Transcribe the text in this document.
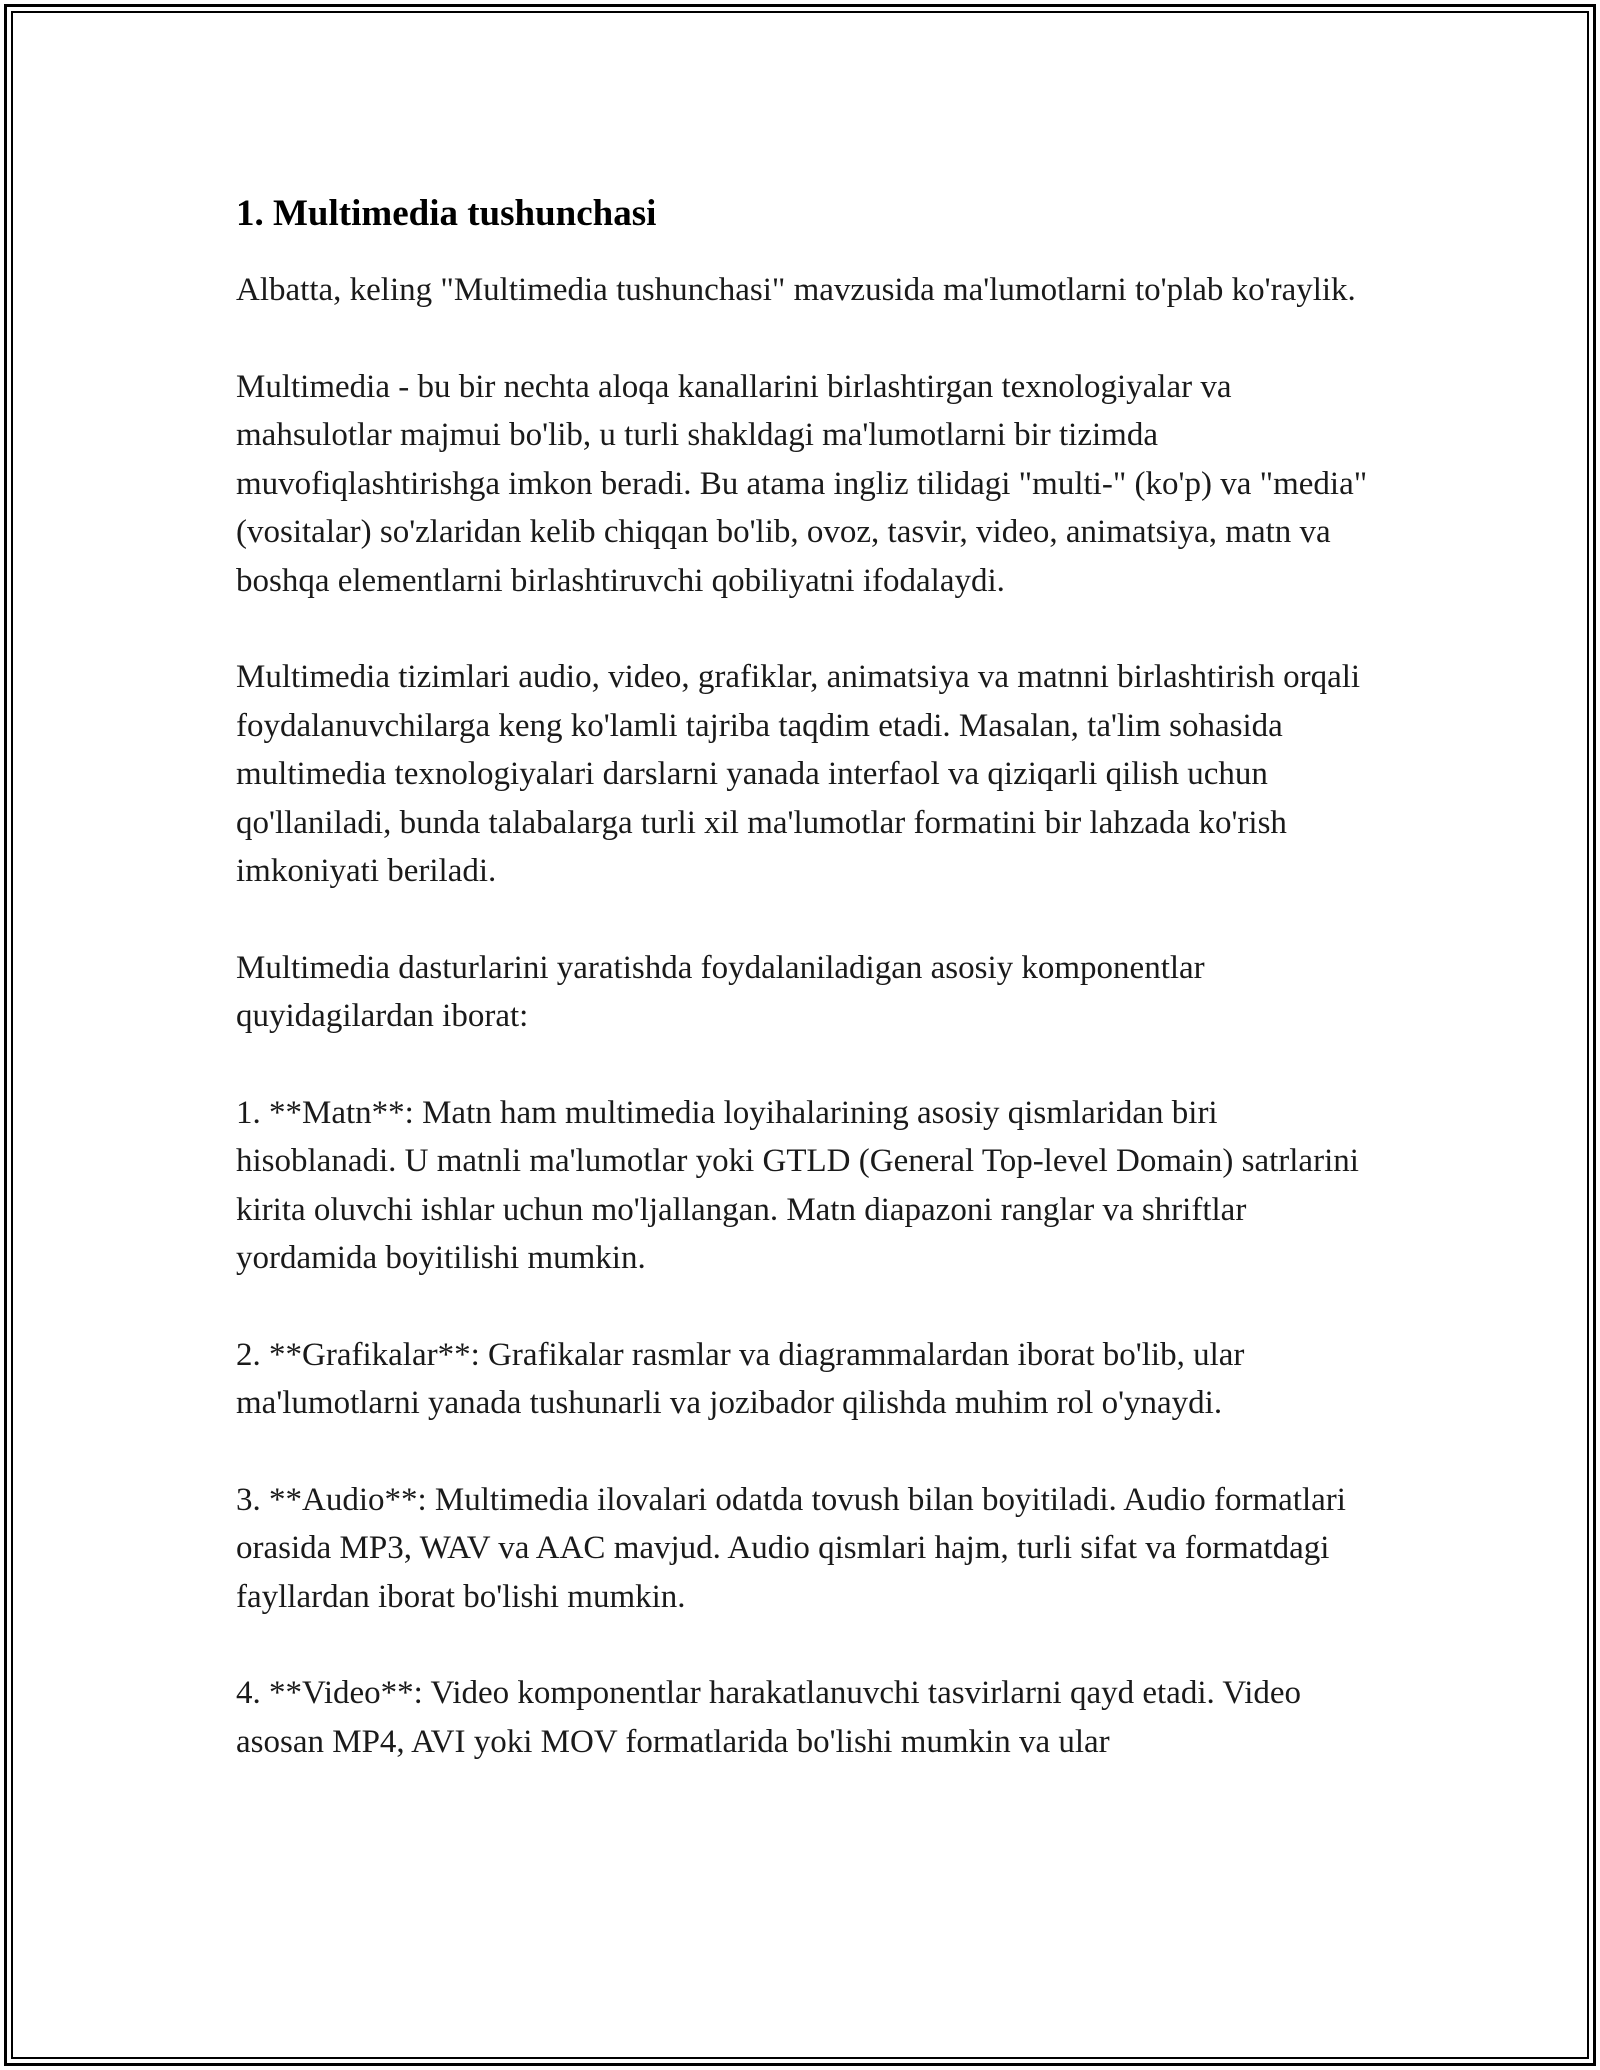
1. Multimedia tushunchasi

Albatta, keling "Multimedia tushunchasi" mavzusida ma'lumotlarni to'plab ko'raylik.

Multimedia - bu bir nechta aloqa kanallarini birlashtirgan texnologiyalar va mahsulotlar majmui bo'lib, u turli shakldagi ma'lumotlarni bir tizimda muvofiqlashtirishga imkon beradi. Bu atama ingliz tilidagi "multi-" (ko'p) va "media" (vositalar) so'zlaridan kelib chiqqan bo'lib, ovoz, tasvir, video, animatsiya, matn va boshqa elementlarni birlashtiruvchi qobiliyatni ifodalaydi.

Multimedia tizimlari audio, video, grafiklar, animatsiya va matnni birlashtirish orqali foydalanuvchilarga keng ko'lamli tajriba taqdim etadi. Masalan, ta'lim sohasida multimedia texnologiyalari darslarni yanada interfaol va qiziqarli qilish uchun qo'llaniladi, bunda talabalarga turli xil ma'lumotlar formatini bir lahzada ko'rish imkoniyati beriladi.

Multimedia dasturlarini yaratishda foydalaniladigan asosiy komponentlar quyidagilardan iborat:

1. **Matn**: Matn ham multimedia loyihalarining asosiy qismlaridan biri hisoblanadi. U matnli ma'lumotlar yoki GTLD (General Top-level Domain) satrlarini kirita oluvchi ishlar uchun mo'ljallangan. Matn diapazoni ranglar va shriftlar yordamida boyitilishi mumkin.

2. **Grafikalar**: Grafikalar rasmlar va diagrammalardan iborat bo'lib, ular ma'lumotlarni yanada tushunarli va jozibador qilishda muhim rol o'ynaydi.

3. **Audio**: Multimedia ilovalari odatda tovush bilan boyitiladi. Audio formatlari orasida MP3, WAV va AAC mavjud. Audio qismlari hajm, turli sifat va formatdagi fayllardan iborat bo'lishi mumkin.

4. **Video**: Video komponentlar harakatlanuvchi tasvirlarni qayd etadi. Video asosan MP4, AVI yoki MOV formatlarida bo'lishi mumkin va ular
